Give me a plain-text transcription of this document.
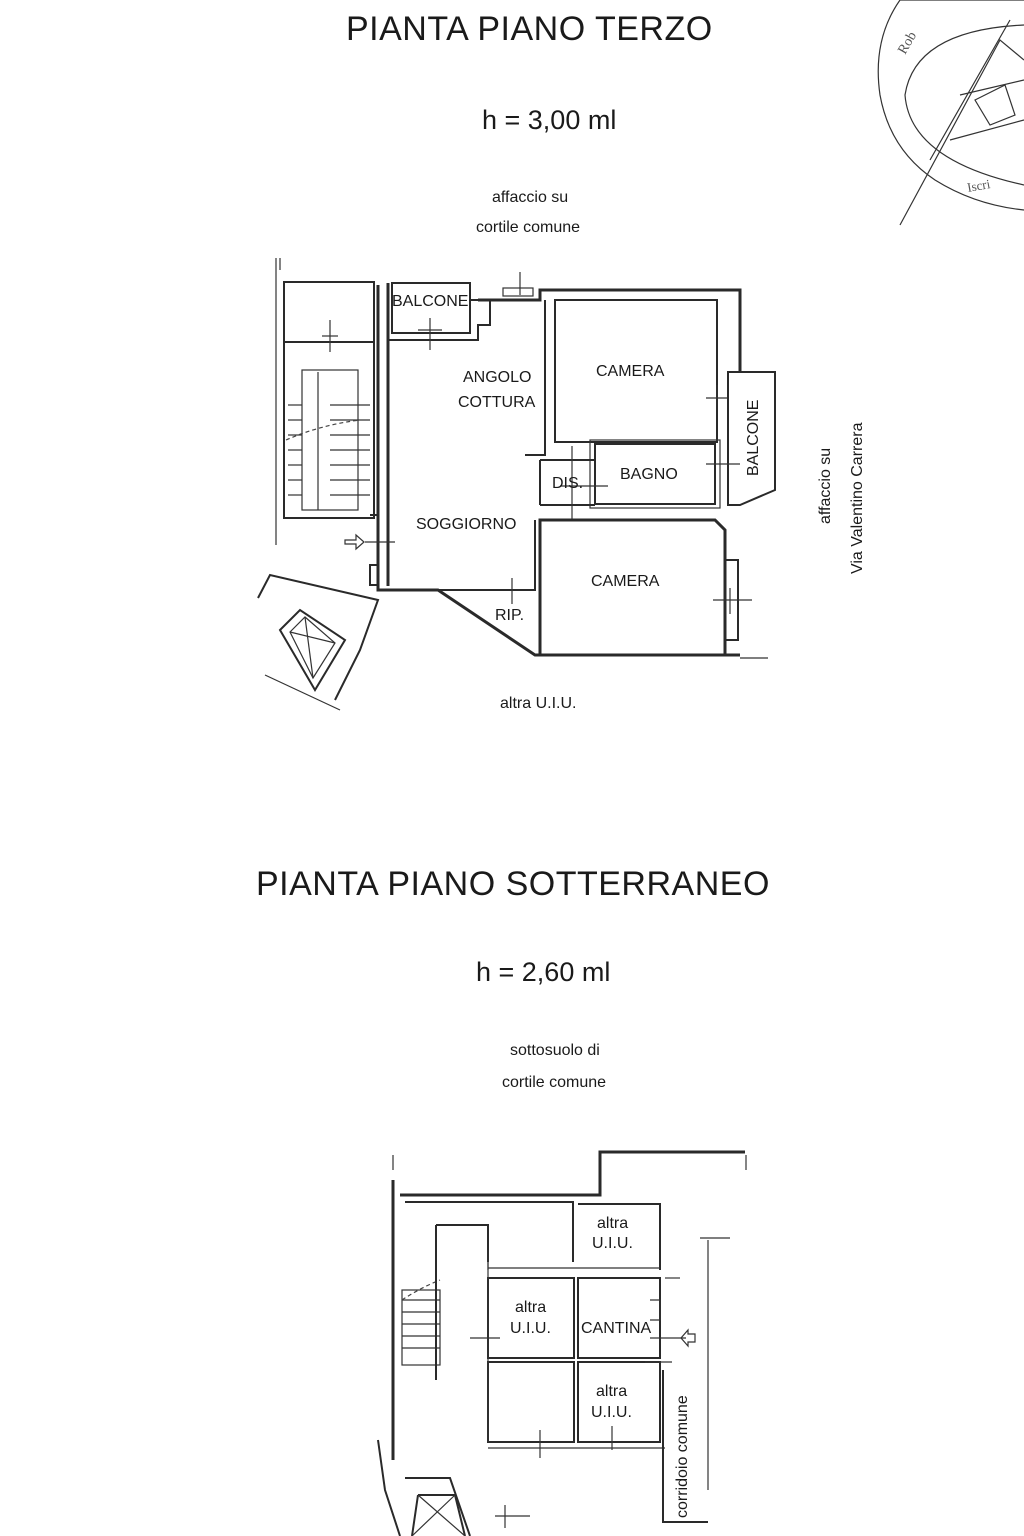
Rob
Iscri
PIANTA PIANO TERZO
h = 3,00 ml
affaccio su
cortile comune
BALCONE
ANGOLO
COTTURA
CAMERA
BALCONE
BAGNO
DIS.
SOGGIORNO
CAMERA
RIP.
affaccio su Via Valentino Carrera
altra U.I.U.
PIANTA PIANO SOTTERRANEO
h = 2,60 ml
sottosuolo di
cortile comune
altra
U.I.U.
altra
U.I.U. CANTINA
altra
U.I.U.	corridoio comune
